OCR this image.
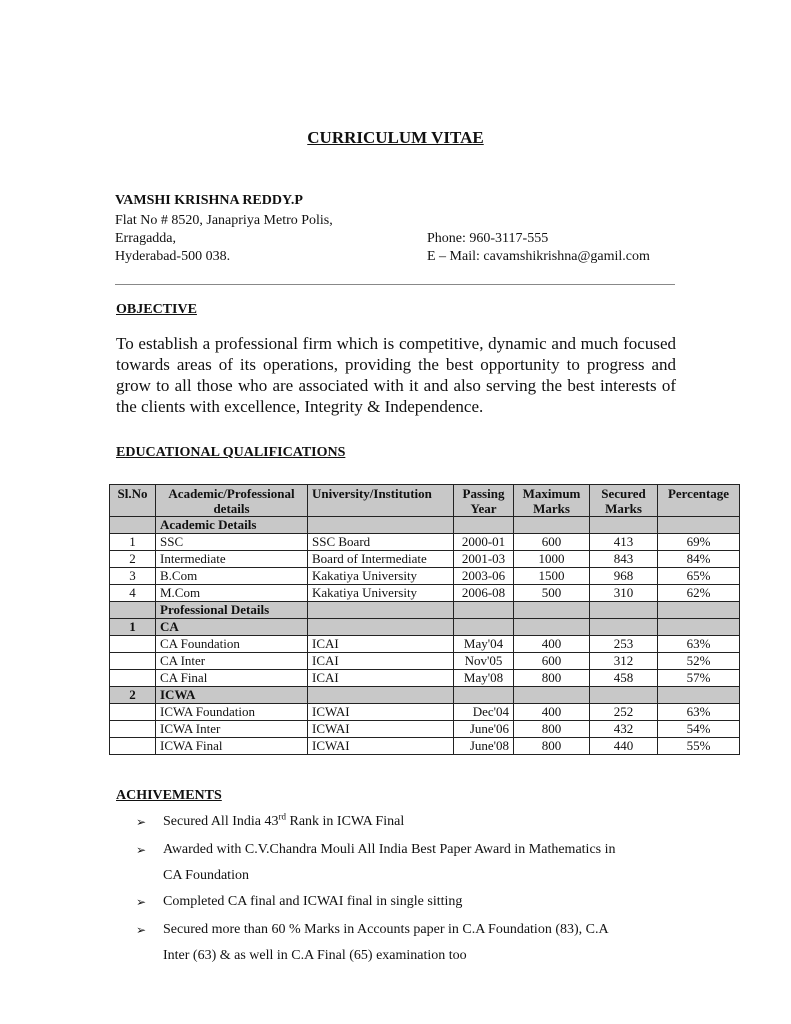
CURRICULUM VITAE
VAMSHI KRISHNA REDDY.P
Flat No # 8520, Janapriya Metro Polis,
Erragadda,
Hyderabad-500 038.
Phone: 960-3117-555
E – Mail: cavamshikrishna@gamil.com
OBJECTIVE
To establish a professional firm which is competitive, dynamic and much focused towards areas of its operations, providing the best opportunity to progress and grow to all those who are associated with it and also serving the best interests of the clients with excellence, Integrity & Independence.
EDUCATIONAL QUALIFICATIONS
Sl.No	Academic/Professional details	University/Institution	Passing Year	Maximum Marks	Secured Marks	Percentage
	Academic Details					
1	SSC	SSC Board	2000-01	600	413	69%
2	Intermediate	Board of Intermediate	2001-03	1000	843	84%
3	B.Com	Kakatiya University	2003-06	1500	968	65%
4	M.Com	Kakatiya University	2006-08	500	310	62%
	Professional Details					
1	CA					
	CA Foundation	ICAI	May'04	400	253	63%
	CA Inter	ICAI	Nov'05	600	312	52%
	CA Final	ICAI	May'08	800	458	57%
2	ICWA					
	ICWA Foundation	ICWAI	Dec'04	400	252	63%
	ICWA Inter	ICWAI	June'06	800	432	54%
	ICWA Final	ICWAI	June'08	800	440	55%
ACHIVEMENTS
➢ Secured All India 43rd Rank in ICWA Final
➢ Awarded with C.V.Chandra Mouli All India Best Paper Award in Mathematics in
CA Foundation
➢ Completed CA final and ICWAI final in single sitting
➢ Secured more than 60 % Marks in Accounts paper in C.A Foundation (83), C.A
Inter (63) & as well in C.A Final (65) examination too
